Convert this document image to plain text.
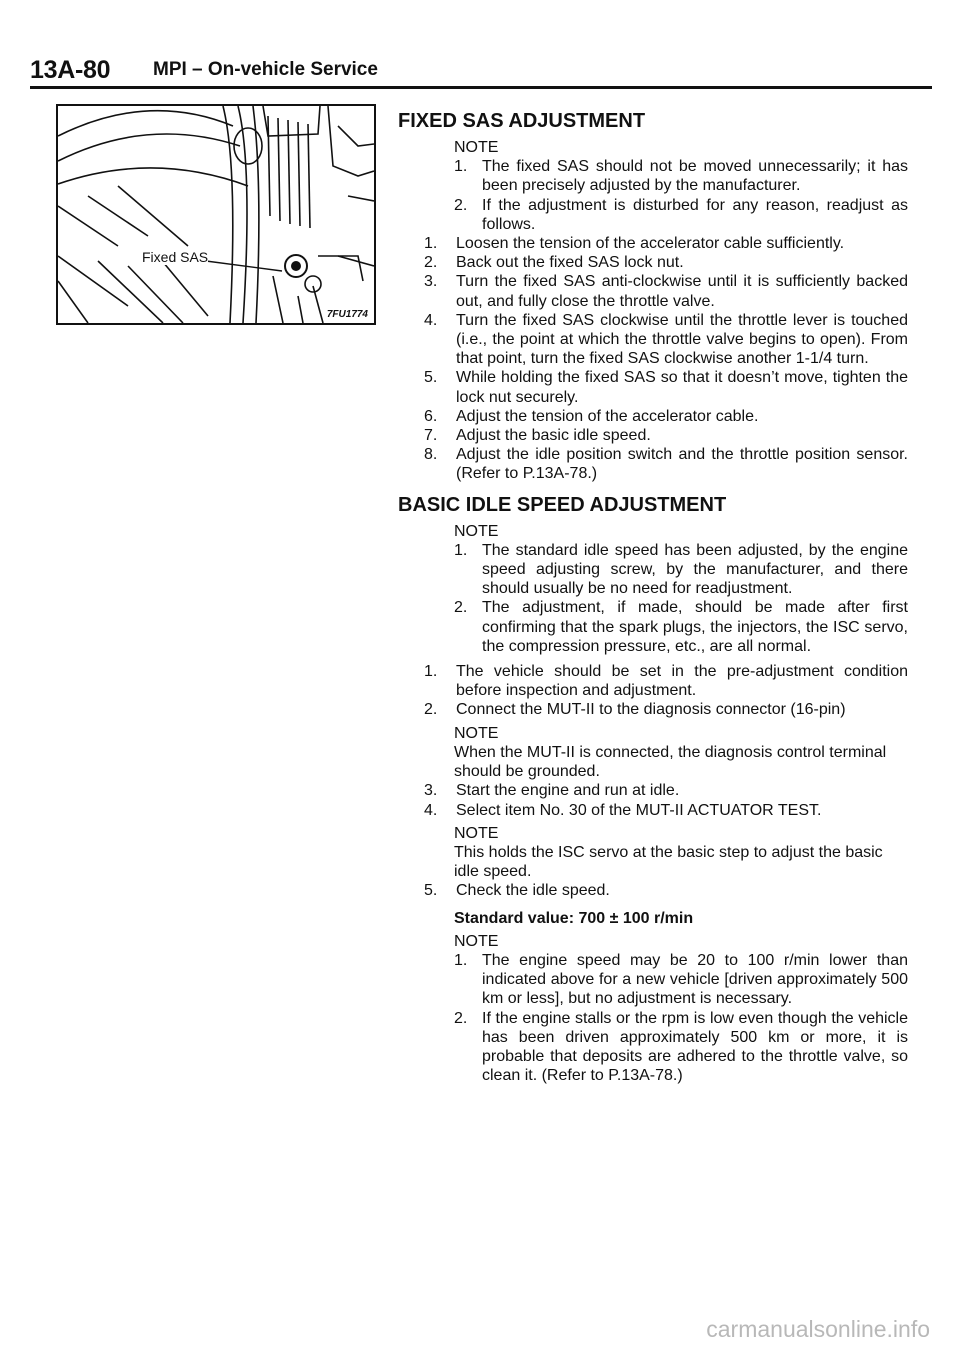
13A-80 MPI – On-vehicle Service
Fixed SAS
7FU1774
FIXED SAS ADJUSTMENT
NOTE
1. The fixed SAS should not be moved unnecessarily; it has been precisely adjusted by the manufacturer.
2. If the adjustment is disturbed for any reason, readjust as follows.
1. Loosen the tension of the accelerator cable sufficiently.
2. Back out the fixed SAS lock nut.
3. Turn the fixed SAS anti-clockwise until it is sufficiently backed out, and fully close the throttle valve.
4. Turn the fixed SAS clockwise until the throttle lever is touched (i.e., the point at which the throttle valve begins to open). From that point, turn the fixed SAS clockwise another 1-1/4 turn.
5. While holding the fixed SAS so that it doesn’t move, tighten the lock nut securely.
6. Adjust the tension of the accelerator cable.
7. Adjust the basic idle speed.
8. Adjust the idle position switch and the throttle position sensor. (Refer to P.13A-78.)
BASIC IDLE SPEED ADJUSTMENT
NOTE
1. The standard idle speed has been adjusted, by the engine speed adjusting screw, by the manufacturer, and there should usually be no need for readjustment.
2. The adjustment, if made, should be made after first confirming that the spark plugs, the injectors, the ISC servo, the compression pressure, etc., are all normal.
1. The vehicle should be set in the pre-adjustment condition before inspection and adjustment.
2. Connect the MUT-II to the diagnosis connector (16-pin)
NOTE
When the MUT-II is connected, the diagnosis control terminal should be grounded.
3. Start the engine and run at idle.
4. Select item No. 30 of the MUT-II ACTUATOR TEST.
NOTE
This holds the ISC servo at the basic step to adjust the basic idle speed.
5. Check the idle speed.
Standard value: 700 ± 100 r/min
NOTE
1. The engine speed may be 20 to 100 r/min lower than indicated above for a new vehicle [driven approximately 500 km or less], but no adjustment is necessary.
2. If the engine stalls or the rpm is low even though the vehicle has been driven approximately 500 km or more, it is probable that deposits are adhered to the throttle valve, so clean it. (Refer to P.13A-78.)
carmanualsonline.info
